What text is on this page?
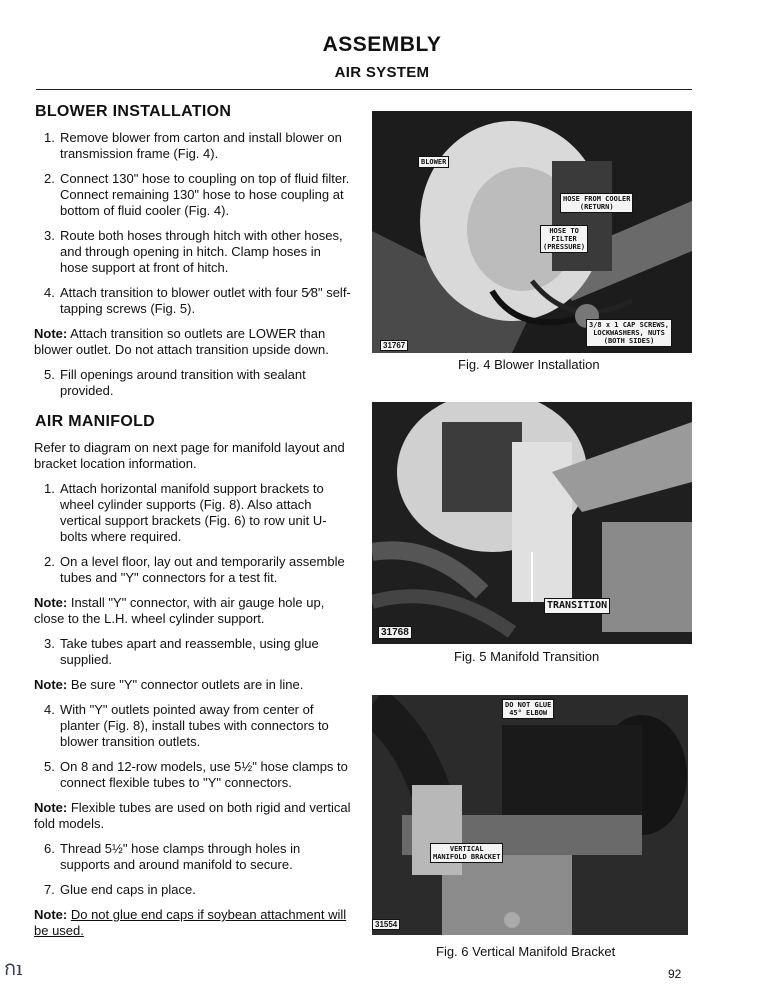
ASSEMBLY
AIR SYSTEM
BLOWER INSTALLATION
1. Remove blower from carton and install blower on transmission frame (Fig. 4).
2. Connect 130" hose to coupling on top of fluid filter. Connect remaining 130" hose to hose coupling at bottom of fluid cooler (Fig. 4).
3. Route both hoses through hitch with other hoses, and through opening in hitch. Clamp hoses in hose support at front of hitch.
4. Attach transition to blower outlet with four 5⁄8" self-tapping screws (Fig. 5).
Note: Attach transition so outlets are LOWER than blower outlet. Do not attach transition upside down.
5. Fill openings around transition with sealant provided.
AIR MANIFOLD
Refer to diagram on next page for manifold layout and bracket location information.
1. Attach horizontal manifold support brackets to wheel cylinder supports (Fig. 8). Also attach vertical support brackets (Fig. 6) to row unit U-bolts where required.
2. On a level floor, lay out and temporarily assemble tubes and "Y" connectors for a test fit.
Note: Install "Y" connector, with air gauge hole up, close to the L.H. wheel cylinder support.
3. Take tubes apart and reassemble, using glue supplied.
Note: Be sure "Y" connector outlets are in line.
4. With "Y" outlets pointed away from center of planter (Fig. 8), install tubes with connectors to blower transition outlets.
5. On 8 and 12-row models, use 5½" hose clamps to connect flexible tubes to "Y" connectors.
Note: Flexible tubes are used on both rigid and vertical fold models.
6. Thread 5½" hose clamps through holes in supports and around manifold to secure.
7. Glue end caps in place.
Note: Do not glue end caps if soybean attachment will be used.
BLOWER
HOSE FROM COOLER
(RETURN)
HOSE TO
FILTER
(PRESSURE)
3/8 x 1 CAP SCREWS,
LOCKWASHERS, NUTS
(BOTH SIDES)
31767
Fig. 4 Blower Installation
TRANSITION
31768
Fig. 5 Manifold Transition
DO NOT GLUE
45° ELBOW
VERTICAL
MANIFOLD BRACKET
31554
Fig. 6 Vertical Manifold Bracket
92
กı
